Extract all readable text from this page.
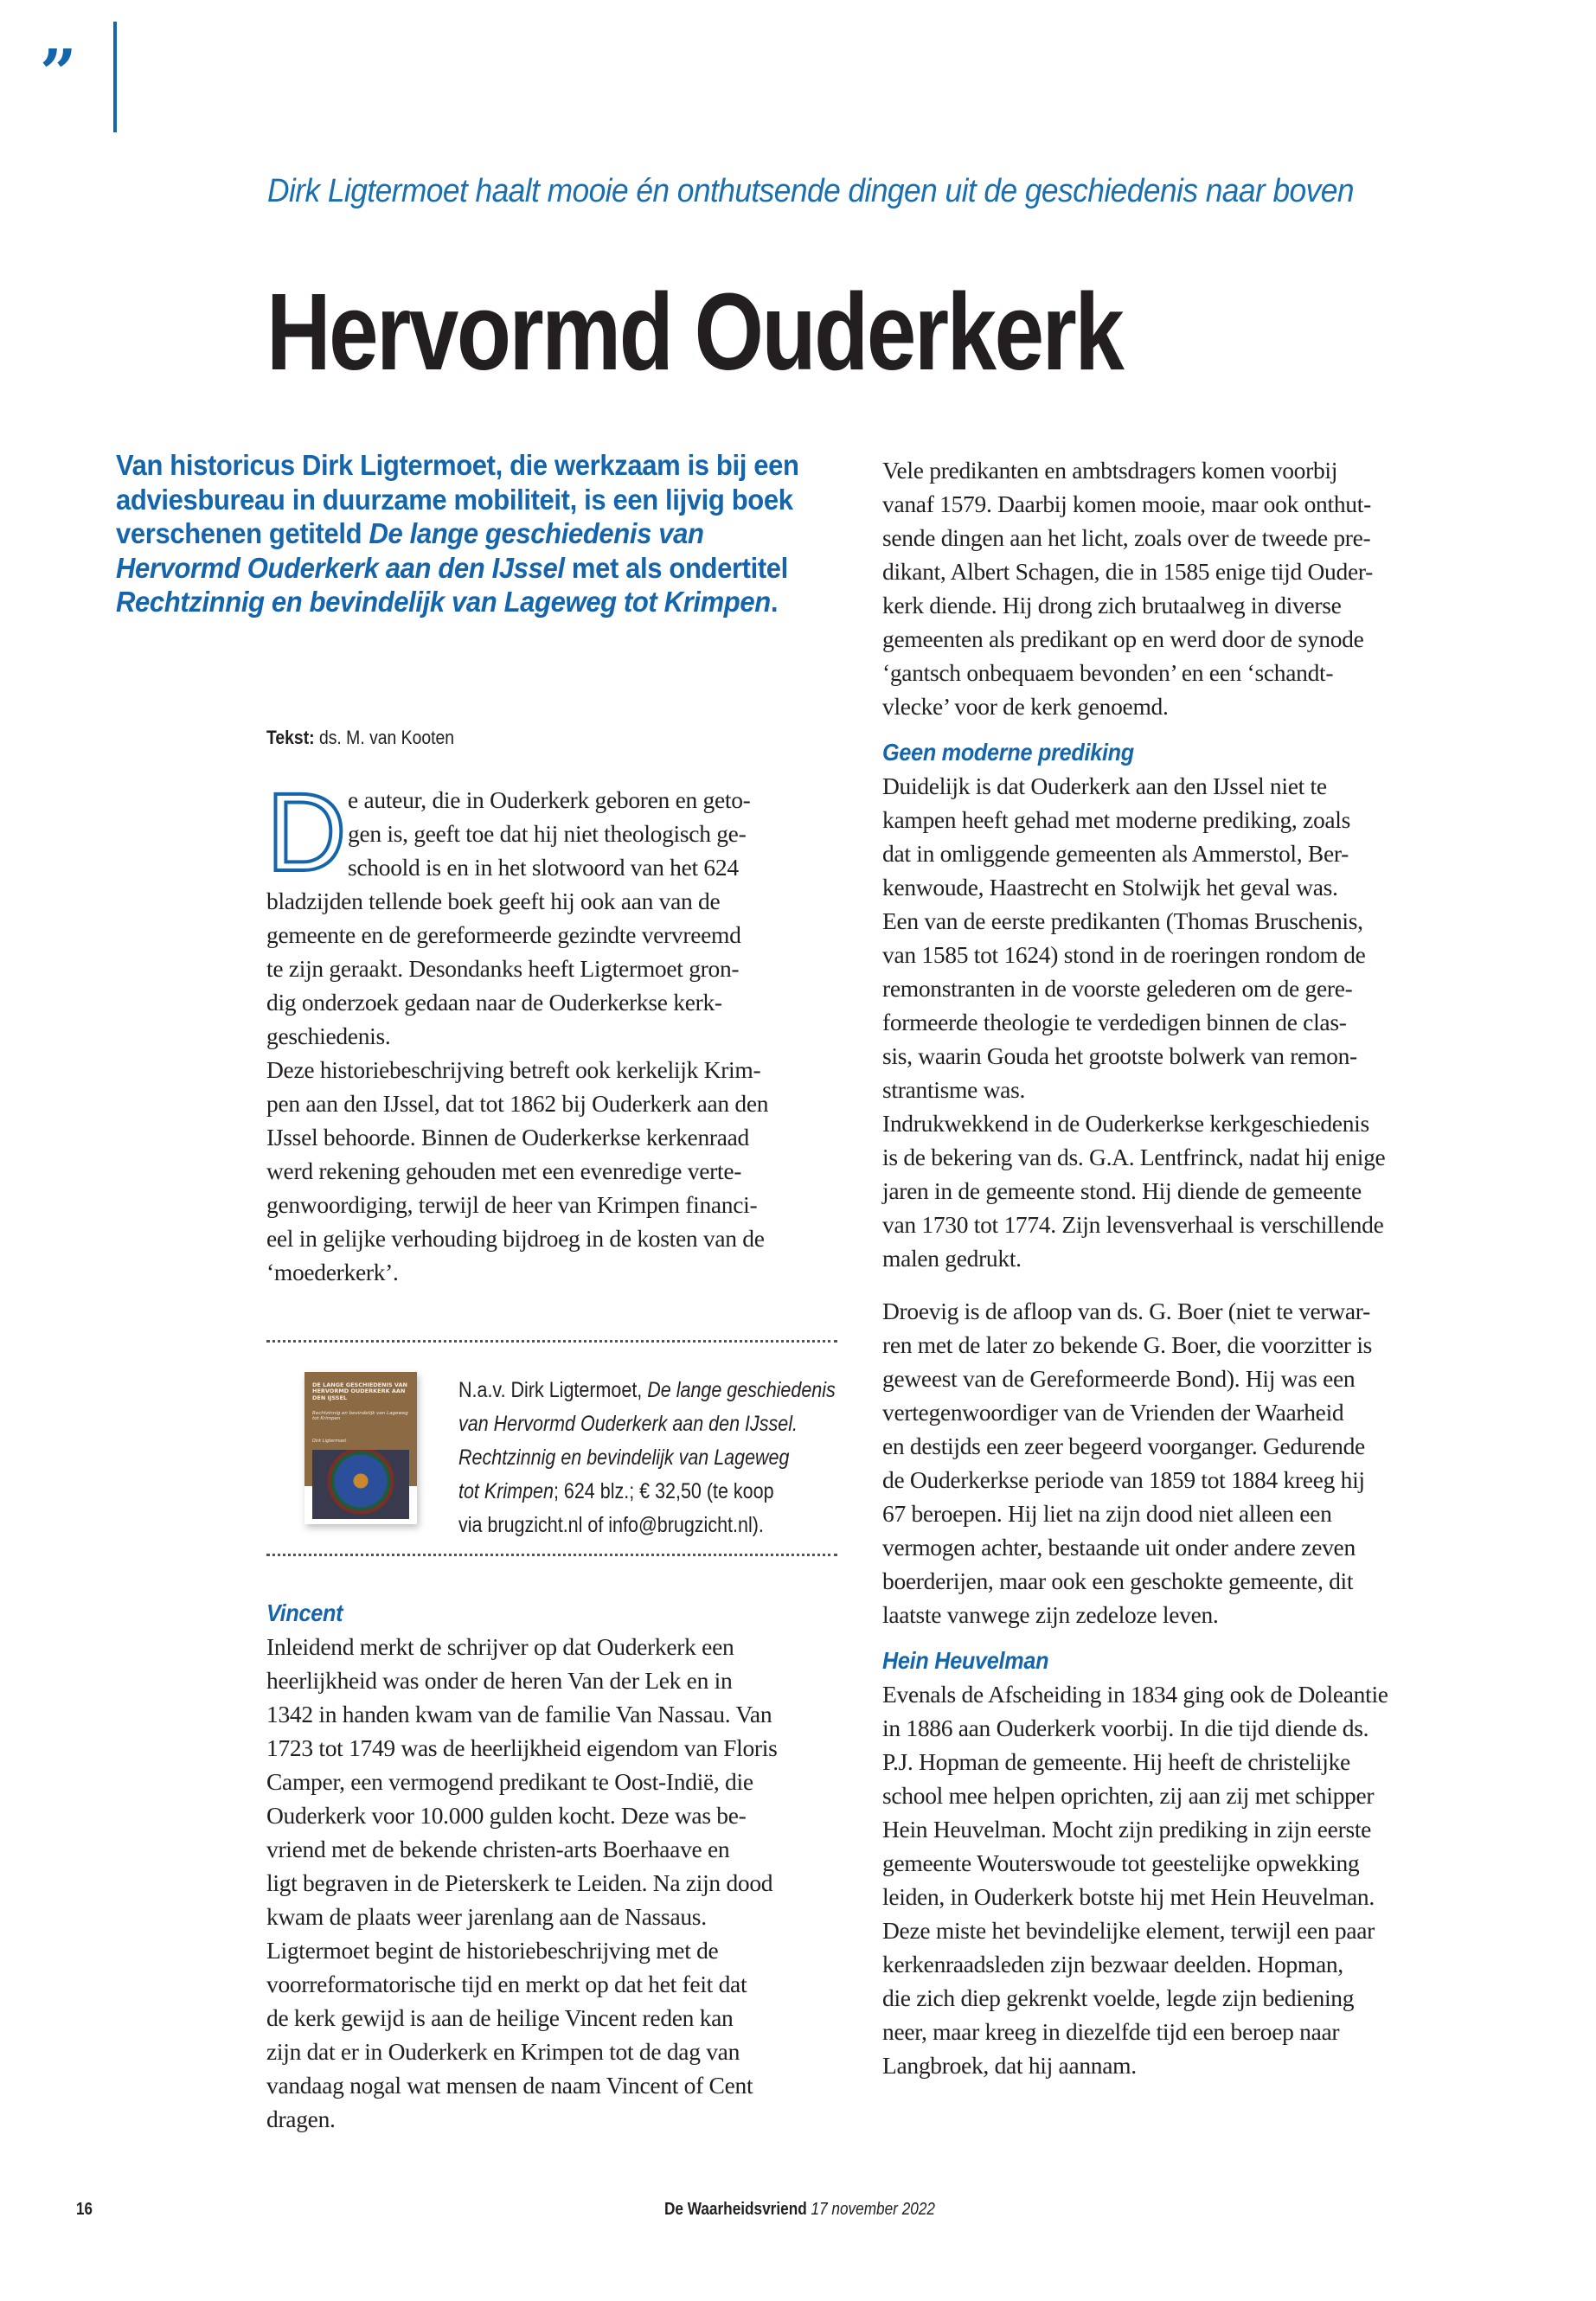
”
Dirk Ligtermoet haalt mooie én onthutsende dingen uit de geschiedenis naar boven
Hervormd Ouderkerk
Van historicus Dirk Ligtermoet, die werkzaam is bij een adviesbureau in duurzame mobiliteit, is een lijvig boek verschenen getiteld De lange geschiedenis van Hervormd Ouderkerk aan den IJssel met als ondertitel Rechtzinnig en bevindelijk van Lageweg tot Krimpen.
Tekst: ds. M. van Kooten
D e auteur, die in Ouderkerk geboren en geto-
gen is, geeft toe dat hij niet theologisch ge-
schoold is en in het slotwoord van het 624
bladzijden tellende boek geeft hij ook aan van de
gemeente en de gereformeerde gezindte vervreemd
te zijn geraakt. Desondanks heeft Ligtermoet gron-
dig onderzoek gedaan naar de Ouderkerkse kerk-
geschiedenis.
Deze historiebeschrijving betreft ook kerkelijk Krim-
pen aan den IJssel, dat tot 1862 bij Ouderkerk aan den
IJssel behoorde. Binnen de Ouderkerkse kerkenraad
werd rekening gehouden met een evenredige verte-
genwoordiging, terwijl de heer van Krimpen financi-
eel in gelijke verhouding bijdroeg in de kosten van de
‘moederkerk’.
DE LANGE GESCHIEDENIS VAN HERVORMD OUDERKERK AAN DEN IJSSEL
Rechtzinnig en bevindelijk van Lageweg tot Krimpen
Dirk Ligtermoet
N.a.v. Dirk Ligtermoet, De lange geschiedenis
van Hervormd Ouderkerk aan den IJssel.
Rechtzinnig en bevindelijk van Lageweg
tot Krimpen; 624 blz.; € 32,50 (te koop
via brugzicht.nl of info@brugzicht.nl).
Vincent
Inleidend merkt de schrijver op dat Ouderkerk een
heerlijkheid was onder de heren Van der Lek en in
1342 in handen kwam van de familie Van Nassau. Van
1723 tot 1749 was de heerlijkheid eigendom van Floris
Camper, een vermogend predikant te Oost-Indië, die
Ouderkerk voor 10.000 gulden kocht. Deze was be-
vriend met de bekende christen-arts Boerhaave en
ligt begraven in de Pieterskerk te Leiden. Na zijn dood
kwam de plaats weer jarenlang aan de Nassaus.
Ligtermoet begint de historiebeschrijving met de
voorreformatorische tijd en merkt op dat het feit dat
de kerk gewijd is aan de heilige Vincent reden kan
zijn dat er in Ouderkerk en Krimpen tot de dag van
vandaag nogal wat mensen de naam Vincent of Cent
dragen.
Vele predikanten en ambtsdragers komen voorbij
vanaf 1579. Daarbij komen mooie, maar ook onthut-
sende dingen aan het licht, zoals over de tweede pre-
dikant, Albert Schagen, die in 1585 enige tijd Ouder-
kerk diende. Hij drong zich brutaalweg in diverse
gemeenten als predikant op en werd door de synode
‘gantsch onbequaem bevonden’ en een ‘schandt-
vlecke’ voor de kerk genoemd.
Geen moderne prediking
Duidelijk is dat Ouderkerk aan den IJssel niet te
kampen heeft gehad met moderne prediking, zoals
dat in omliggende gemeenten als Ammerstol, Ber-
kenwoude, Haastrecht en Stolwijk het geval was.
Een van de eerste predikanten (Thomas Bruschenis,
van 1585 tot 1624) stond in de roeringen rondom de
remonstranten in de voorste gelederen om de gere-
formeerde theologie te verdedigen binnen de clas-
sis, waarin Gouda het grootste bolwerk van remon-
strantisme was.
Indrukwekkend in de Ouderkerkse kerkgeschiedenis
is de bekering van ds. G.A. Lentfrinck, nadat hij enige
jaren in de gemeente stond. Hij diende de gemeente
van 1730 tot 1774. Zijn levensverhaal is verschillende
malen gedrukt.
Droevig is de afloop van ds. G. Boer (niet te verwar-
ren met de later zo bekende G. Boer, die voorzitter is
geweest van de Gereformeerde Bond). Hij was een
vertegenwoordiger van de Vrienden der Waarheid
en destijds een zeer begeerd voorganger. Gedurende
de Ouderkerkse periode van 1859 tot 1884 kreeg hij
67 beroepen. Hij liet na zijn dood niet alleen een
vermogen achter, bestaande uit onder andere zeven
boerderijen, maar ook een geschokte gemeente, dit
laatste vanwege zijn zedeloze leven.
Hein Heuvelman
Evenals de Afscheiding in 1834 ging ook de Doleantie
in 1886 aan Ouderkerk voorbij. In die tijd diende ds.
P.J. Hopman de gemeente. Hij heeft de christelijke
school mee helpen oprichten, zij aan zij met schipper
Hein Heuvelman. Mocht zijn prediking in zijn eerste
gemeente Wouterswoude tot geestelijke opwekking
leiden, in Ouderkerk botste hij met Hein Heuvelman.
Deze miste het bevindelijke element, terwijl een paar
kerkenraadsleden zijn bezwaar deelden. Hopman,
die zich diep gekrenkt voelde, legde zijn bediening
neer, maar kreeg in diezelfde tijd een beroep naar
Langbroek, dat hij aannam.
16	De Waarheidsvriend 17 november 2022
